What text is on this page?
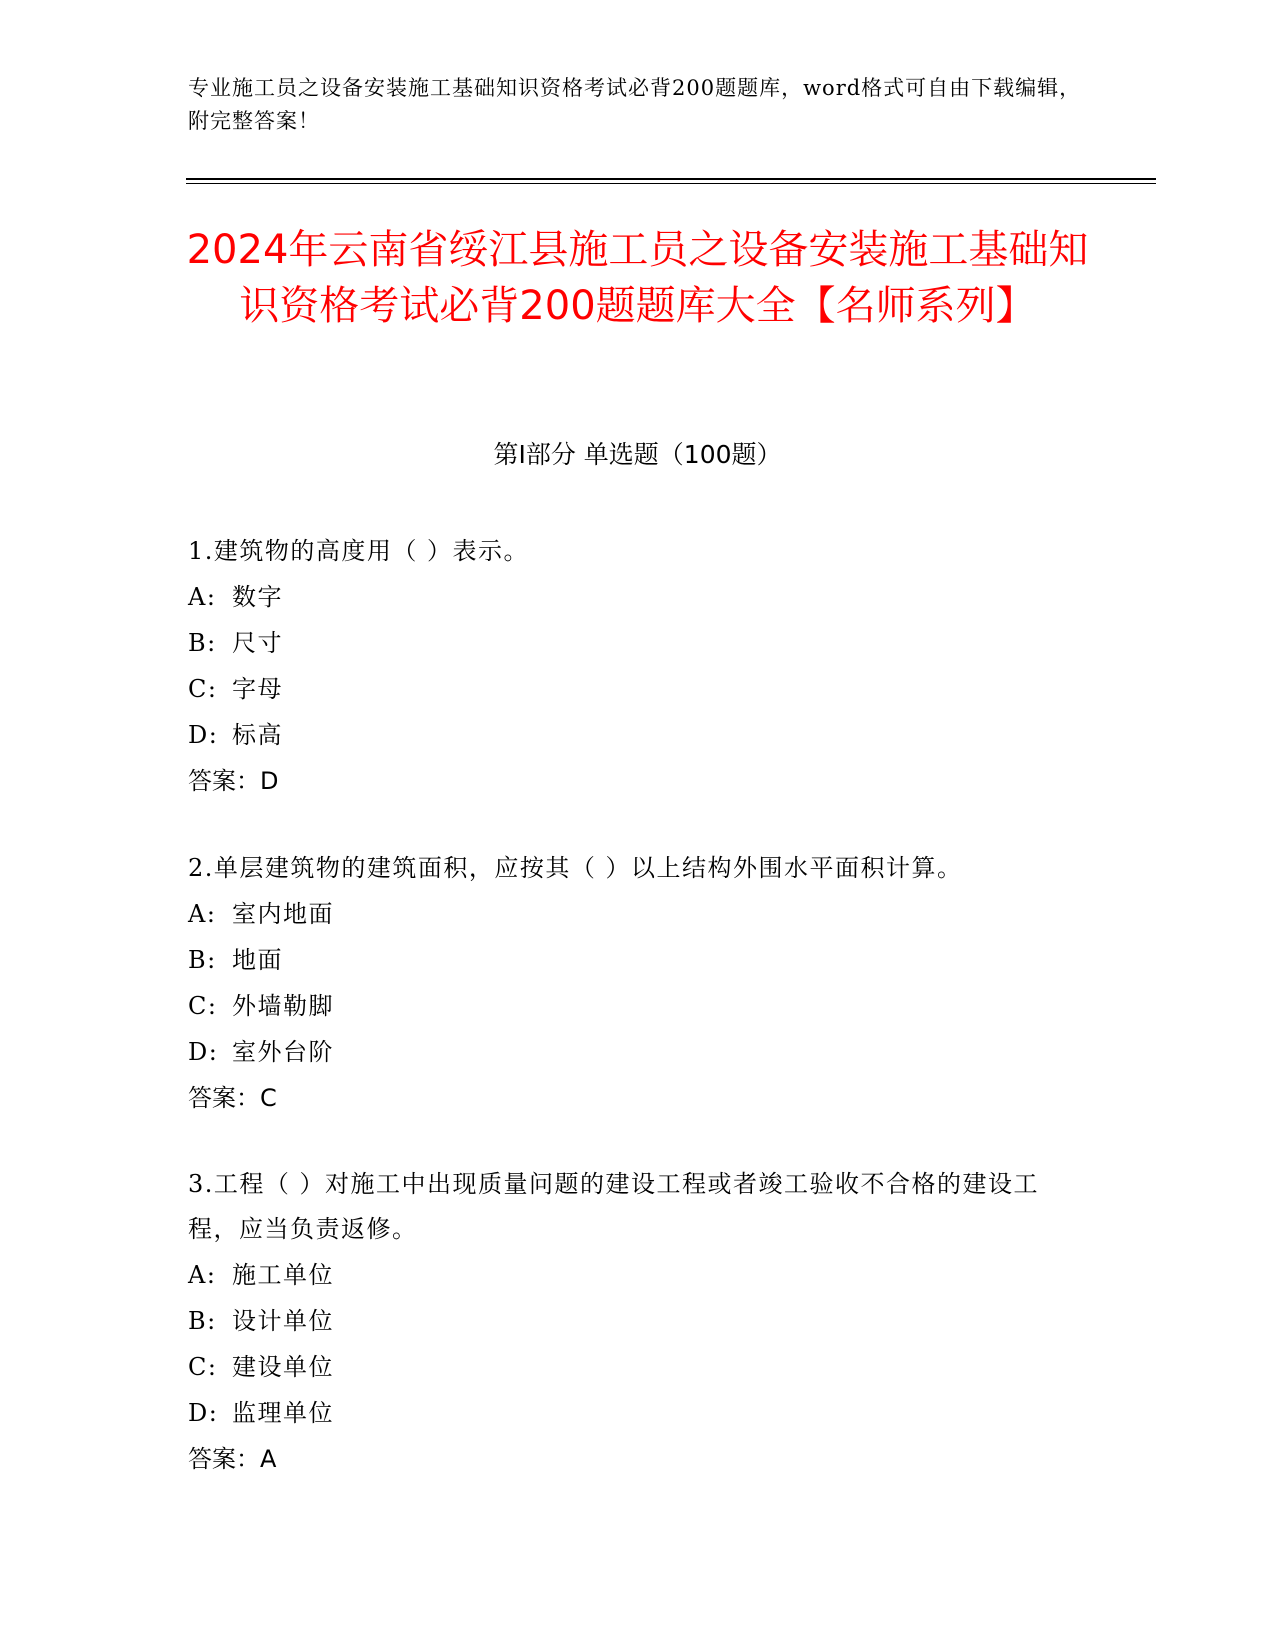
专业施工员之设备安装施工基础知识资格考试必背200题题库，word格式可自由下载编辑，附完整答案！
2024年云南省绥江县施工员之设备安装施工基础知识资格考试必背200题题库大全【名师系列】
第Ⅰ部分 单选题（100题）
1.建筑物的高度用（ ）表示。
A: 数字
B: 尺寸
C: 字母
D: 标高
答案：D
2.单层建筑物的建筑面积，应按其（ ）以上结构外围水平面积计算。
A: 室内地面
B: 地面
C: 外墙勒脚
D: 室外台阶
答案：C
3.工程（ ）对施工中出现质量问题的建设工程或者竣工验收不合格的建设工程，应当负责返修。
A: 施工单位
B: 设计单位
C: 建设单位
D: 监理单位
答案：A
